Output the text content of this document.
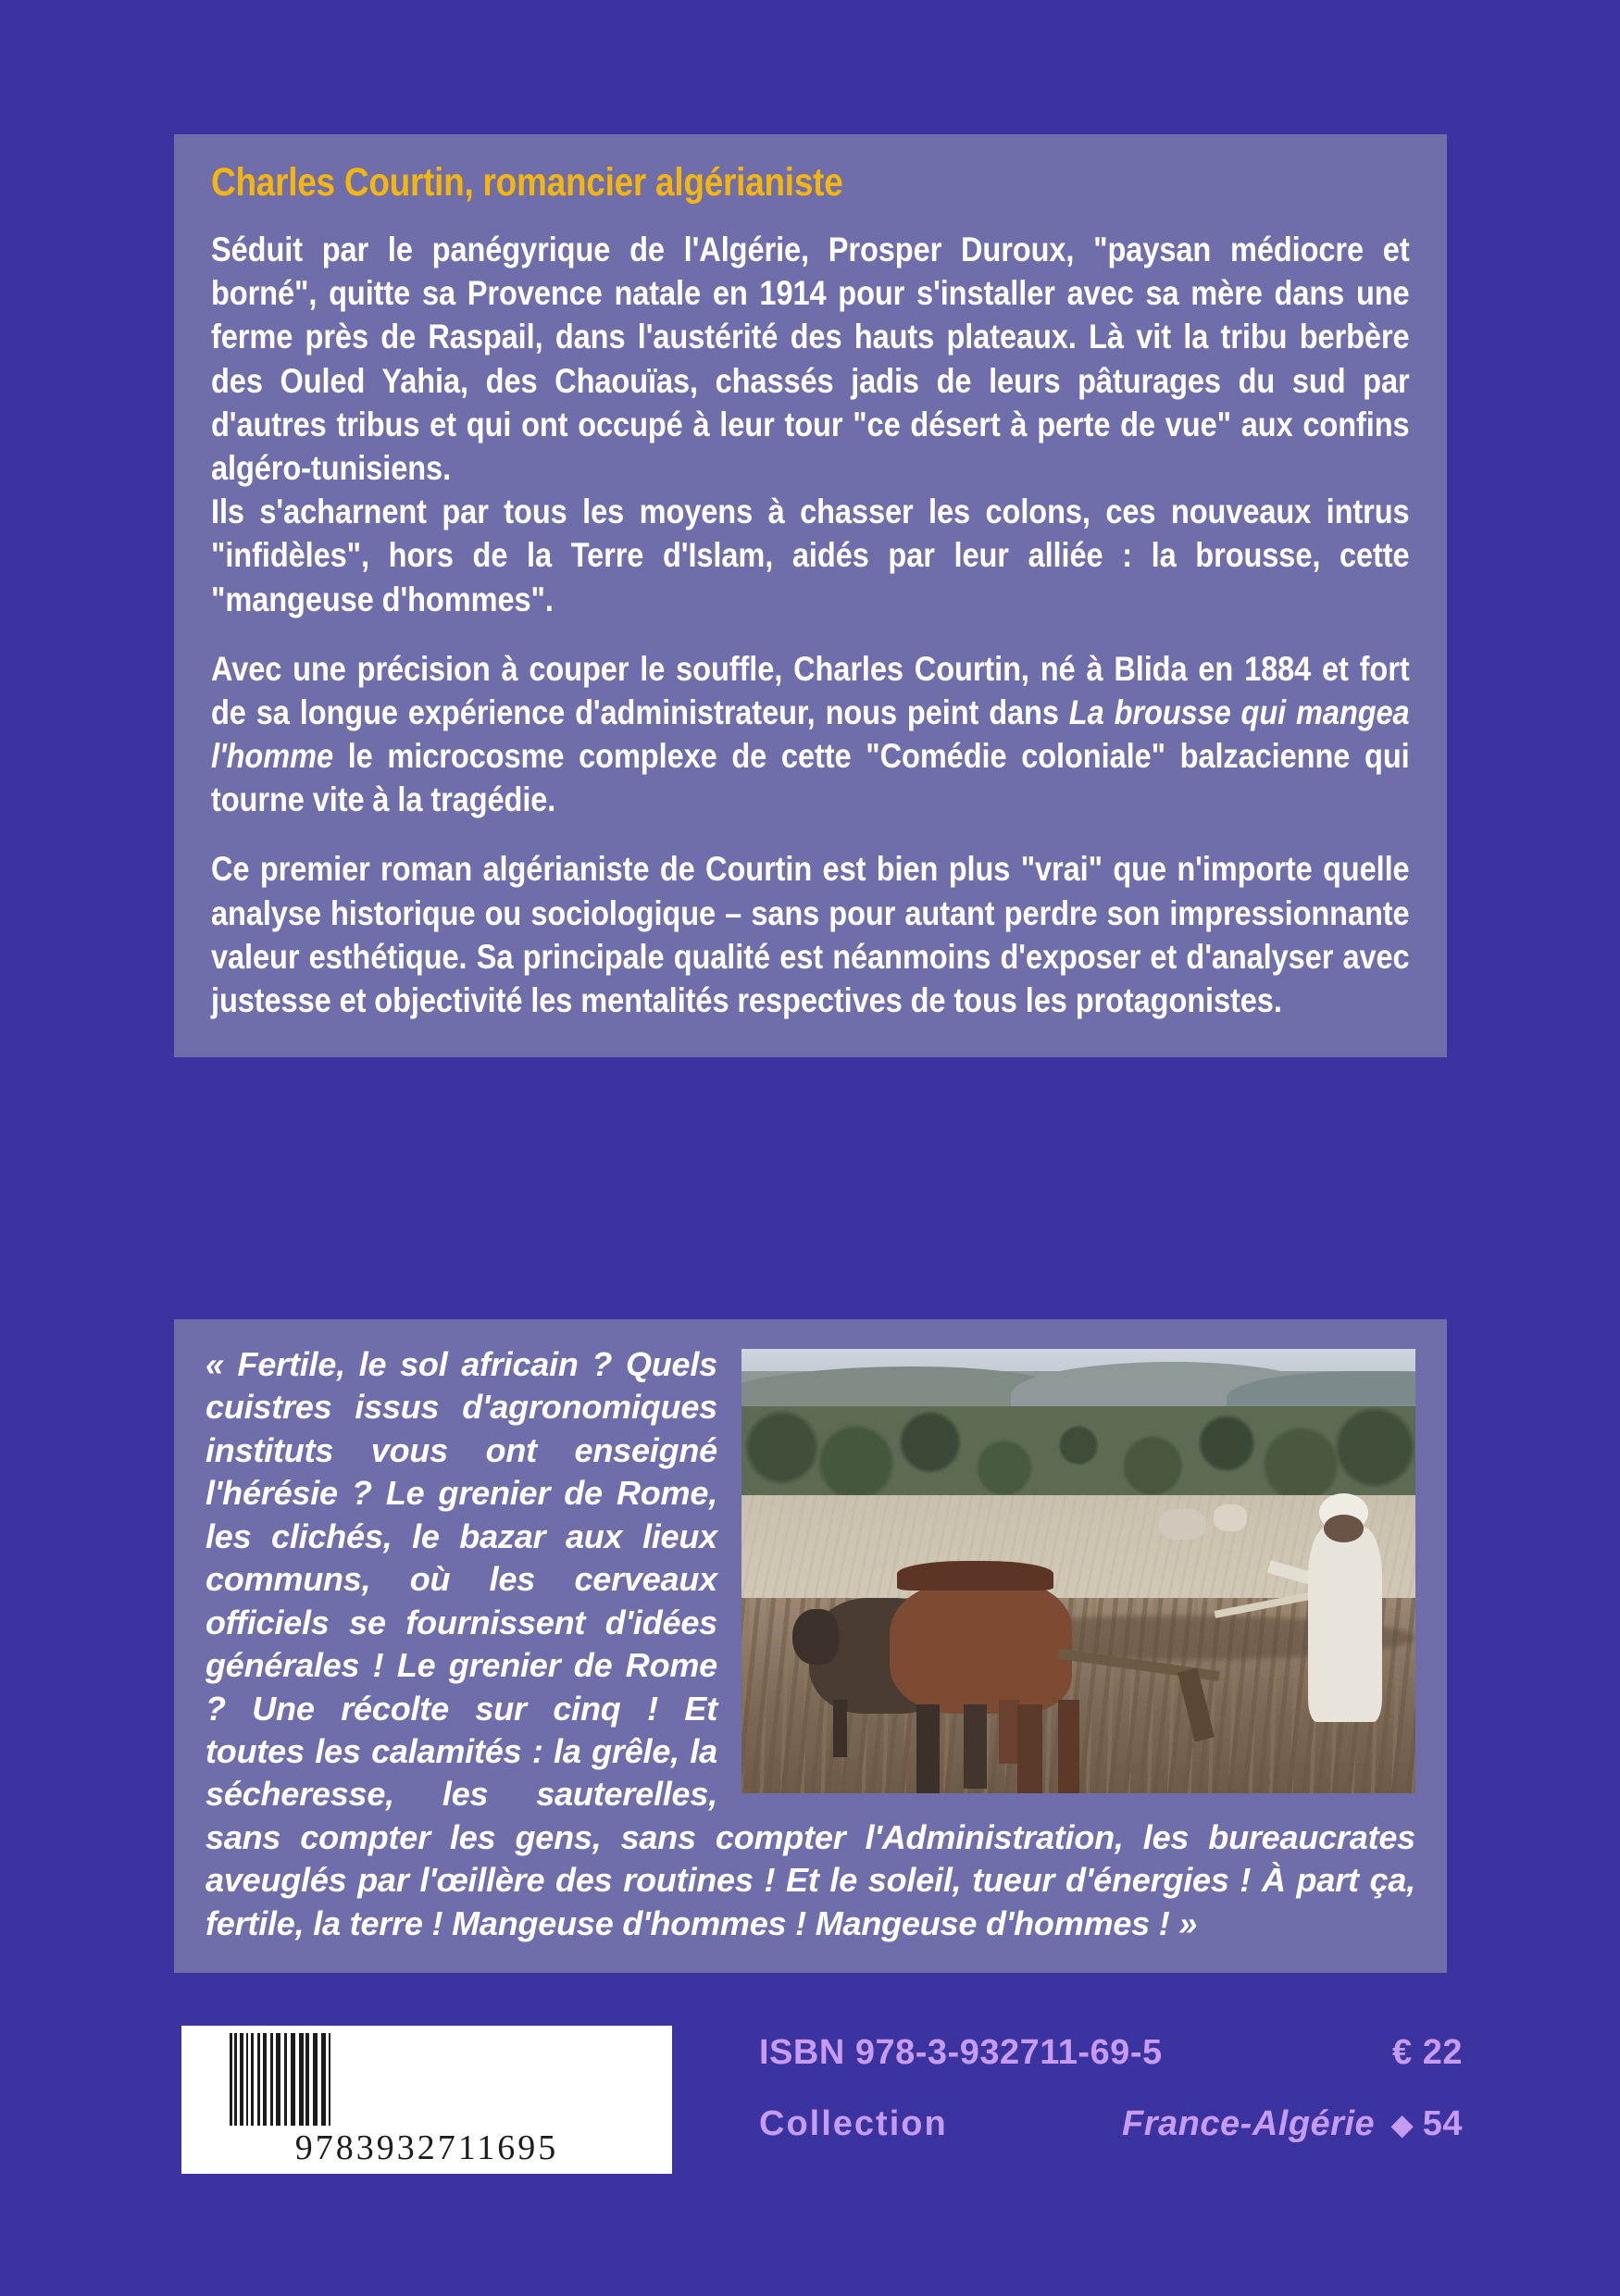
Charles Courtin, romancier algérianiste

Séduit par le panégyrique de l'Algérie, Prosper Duroux, "paysan médiocre et borné", quitte sa Provence natale en 1914 pour s'installer avec sa mère dans une ferme près de Raspail, dans l'austérité des hauts plateaux. Là vit la tribu berbère des Ouled Yahia, des Chaouïas, chassés jadis de leurs pâturages du sud par d'autres tribus et qui ont occupé à leur tour "ce désert à perte de vue" aux confins algéro-tunisiens.

Ils s'acharnent par tous les moyens à chasser les colons, ces nouveaux intrus "infidèles", hors de la Terre d'Islam, aidés par leur alliée : la brousse, cette "mangeuse d'hommes".

Avec une précision à couper le souffle, Charles Courtin, né à Blida en 1884 et fort de sa longue expérience d'administrateur, nous peint dans La brousse qui mangea l'homme le microcosme complexe de cette "Comédie coloniale" balzacienne qui tourne vite à la tragédie.

Ce premier roman algérianiste de Courtin est bien plus "vrai" que n'importe quelle analyse historique ou sociologique – sans pour autant perdre son impressionnante valeur esthétique. Sa principale qualité est néanmoins d'exposer et d'analyser avec justesse et objectivité les mentalités respectives de tous les protagonistes.

« Fertile, le sol africain ? Quels cuistres issus d'agronomiques instituts vous ont enseigné l'hérésie ? Le grenier de Rome, les clichés, le bazar aux lieux communs, où les cerveaux officiels se fournissent d'idées générales ! Le grenier de Rome ? Une récolte sur cinq ! Et toutes les calamités : la grêle, la sécheresse, les sauterelles, sans compter les gens, sans compter l'Administration, les bureaucrates aveuglés par l'œillère des routines ! Et le soleil, tueur d'énergies ! À part ça, fertile, la terre ! Mangeuse d'hommes ! Mangeuse d'hommes ! »
9783932711695
ISBN 978-3-932711-69-5	€ 22
Collection	France-Algérie ◆ 54
